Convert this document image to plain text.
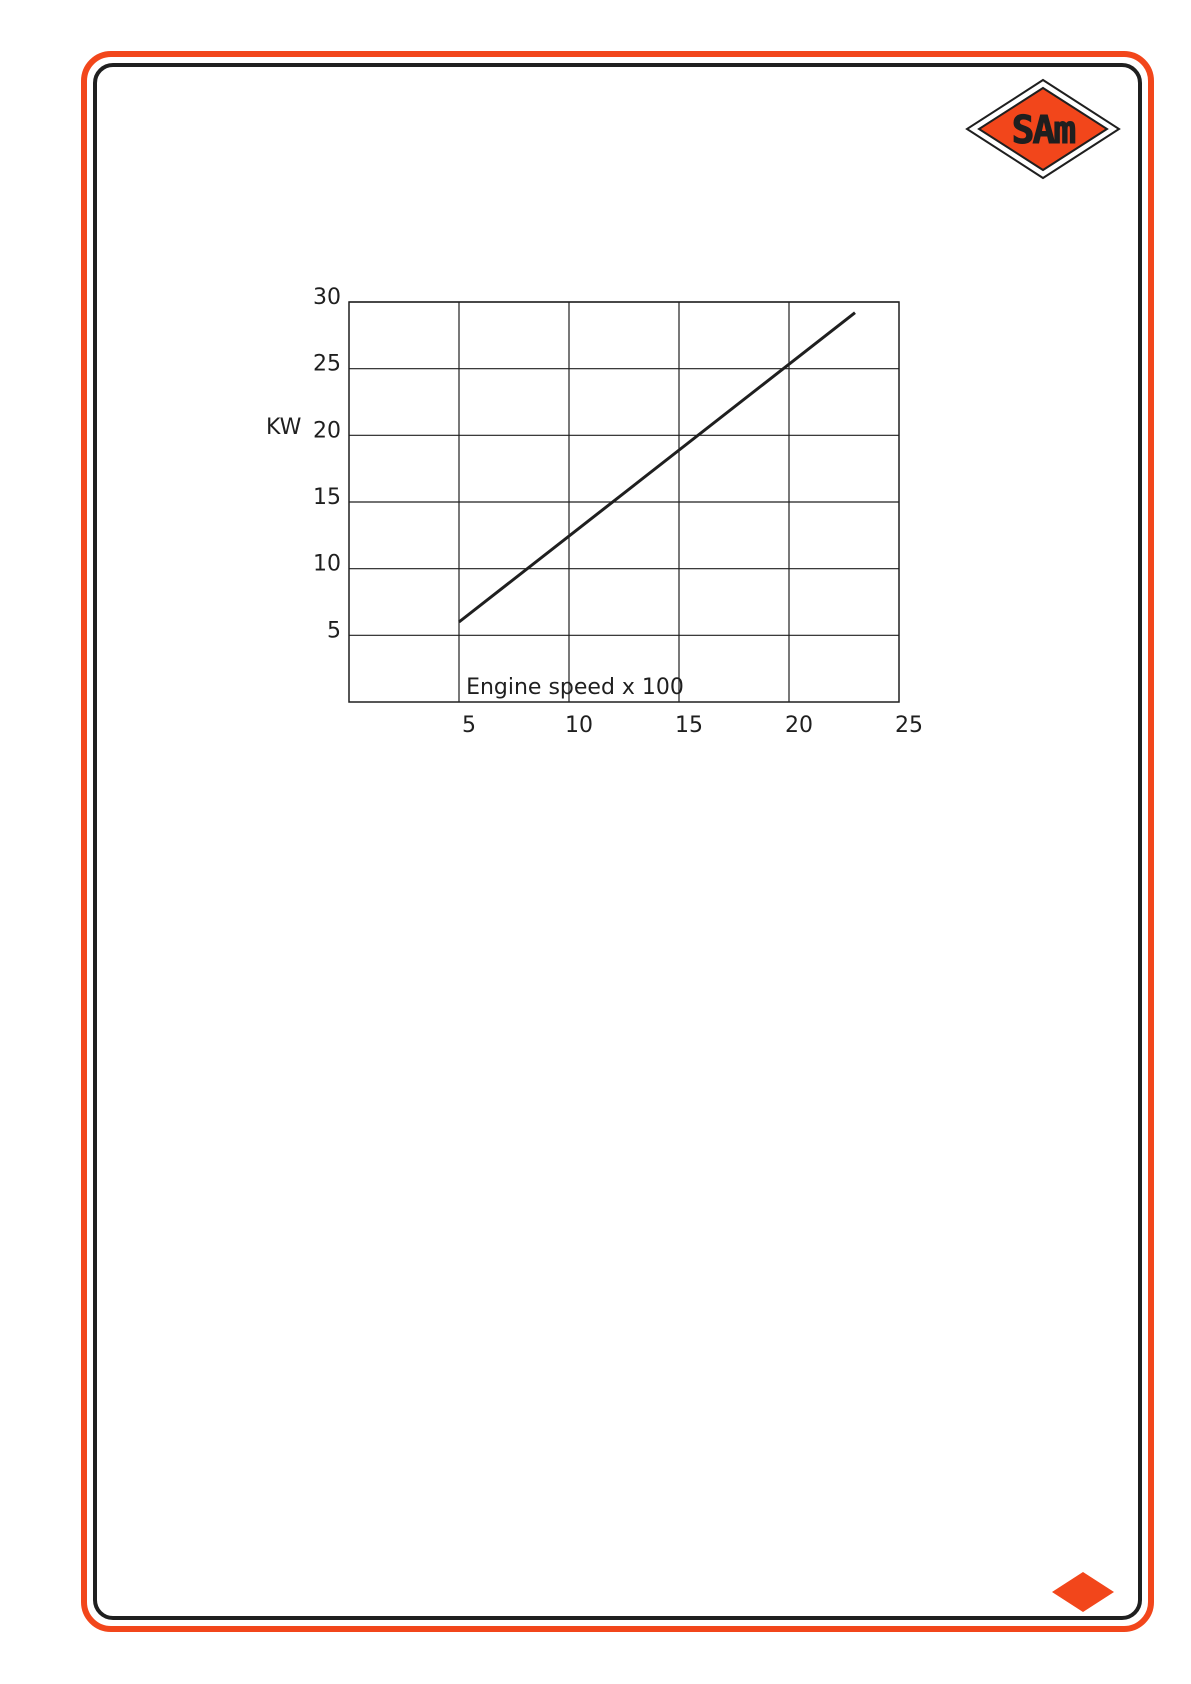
SAm
5
10
15
20
25
30
5	10	15	20	25
KW
Engine speed x 100
